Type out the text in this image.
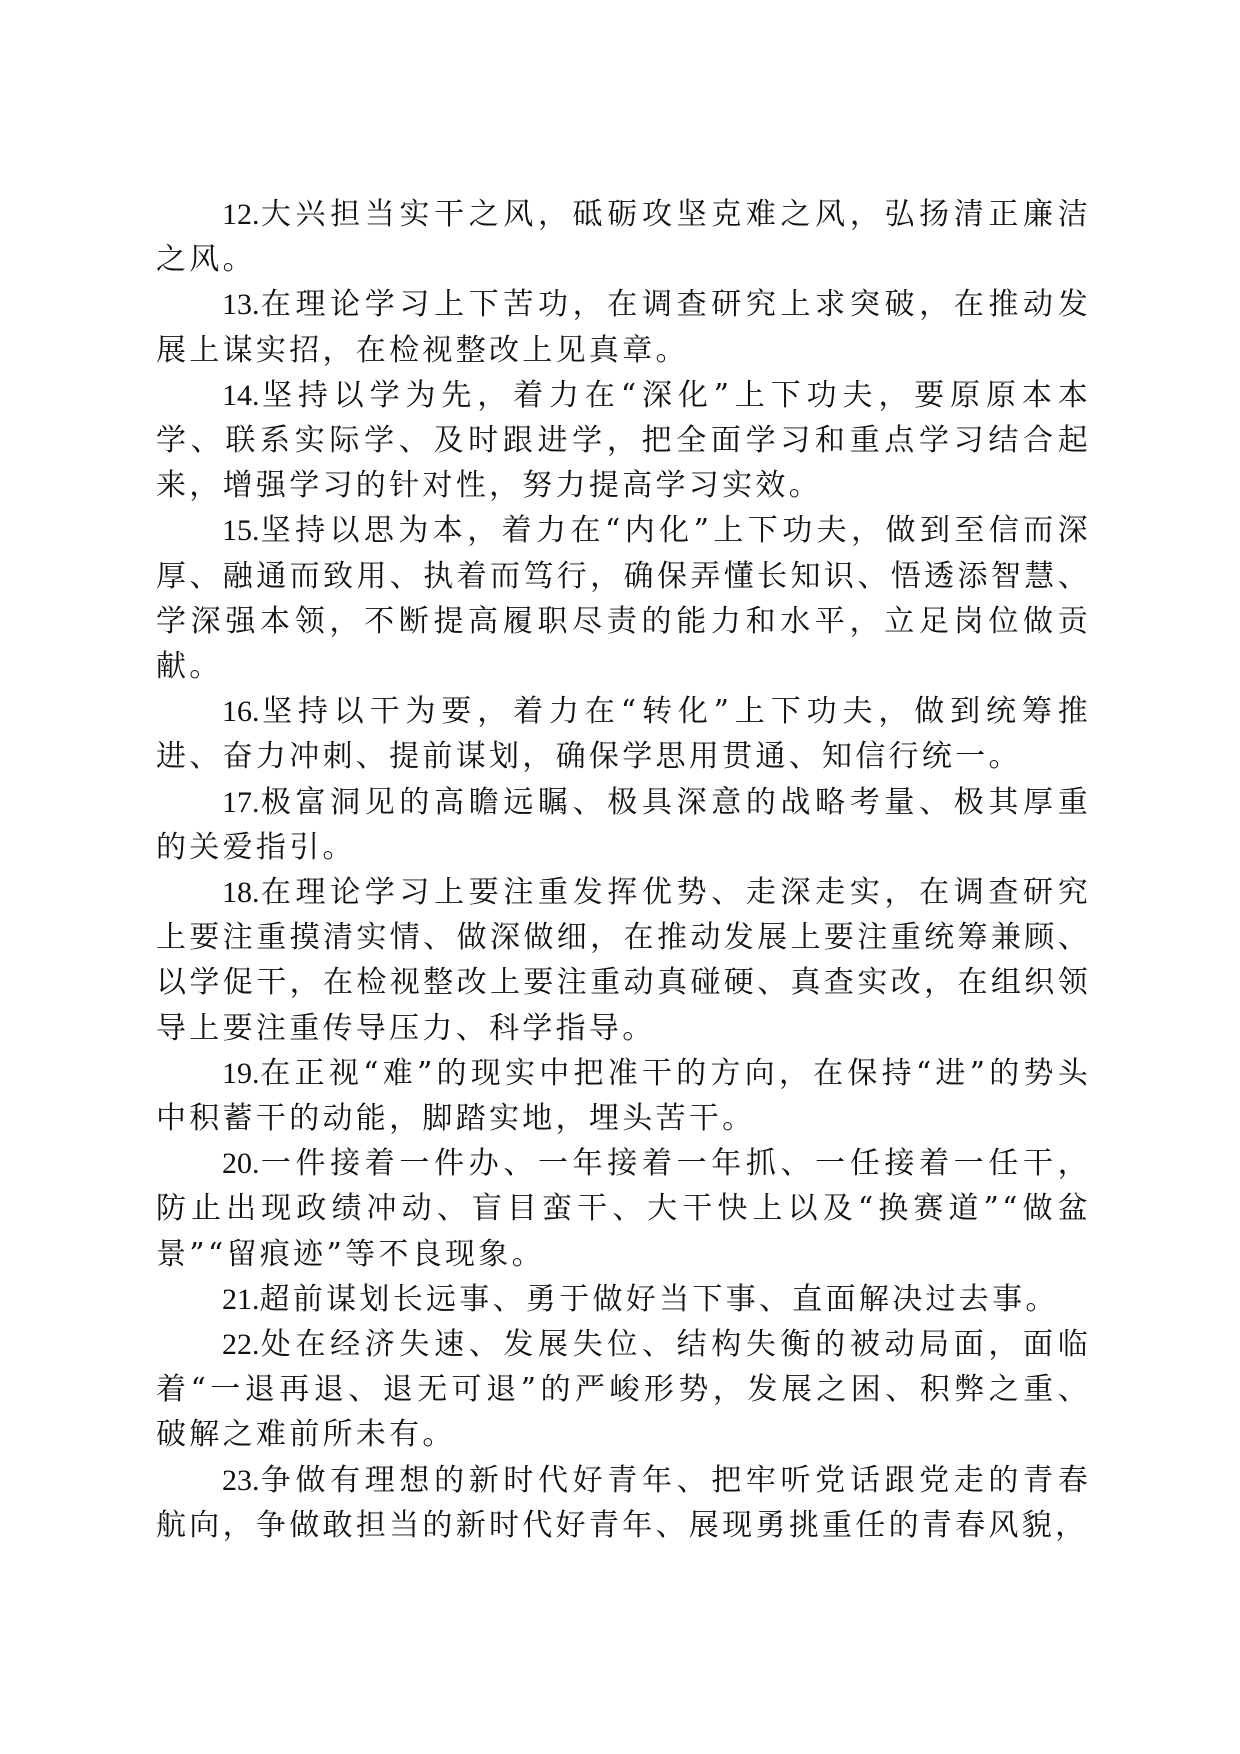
12.大兴担当实干之风，砥砺攻坚克难之风，弘扬清正廉洁之风。

13.在理论学习上下苦功，在调查研究上求突破，在推动发展上谋实招，在检视整改上见真章。

14.坚持以学为先，着力在“深化”上下功夫，要原原本本学、联系实际学、及时跟进学，把全面学习和重点学习结合起来，增强学习的针对性，努力提高学习实效。

15.坚持以思为本，着力在“内化”上下功夫，做到至信而深厚、融通而致用、执着而笃行，确保弄懂长知识、悟透添智慧、学深强本领，不断提高履职尽责的能力和水平，立足岗位做贡献。

16.坚持以干为要，着力在“转化”上下功夫，做到统筹推进、奋力冲刺、提前谋划，确保学思用贯通、知信行统一。

17.极富洞见的高瞻远瞩、极具深意的战略考量、极其厚重的关爱指引。

18.在理论学习上要注重发挥优势、走深走实，在调查研究上要注重摸清实情、做深做细，在推动发展上要注重统筹兼顾、以学促干，在检视整改上要注重动真碰硬、真查实改，在组织领导上要注重传导压力、科学指导。

19.在正视“难”的现实中把准干的方向，在保持“进”的势头中积蓄干的动能，脚踏实地，埋头苦干。

20.一件接着一件办、一年接着一年抓、一任接着一任干，防止出现政绩冲动、盲目蛮干、大干快上以及“换赛道”“做盆景”“留痕迹”等不良现象。

21.超前谋划长远事、勇于做好当下事、直面解决过去事。

22.处在经济失速、发展失位、结构失衡的被动局面，面临着“一退再退、退无可退”的严峻形势，发展之困、积弊之重、破解之难前所未有。

23.争做有理想的新时代好青年、把牢听党话跟党走的青春航向，争做敢担当的新时代好青年、展现勇挑重任的青春风貌，
